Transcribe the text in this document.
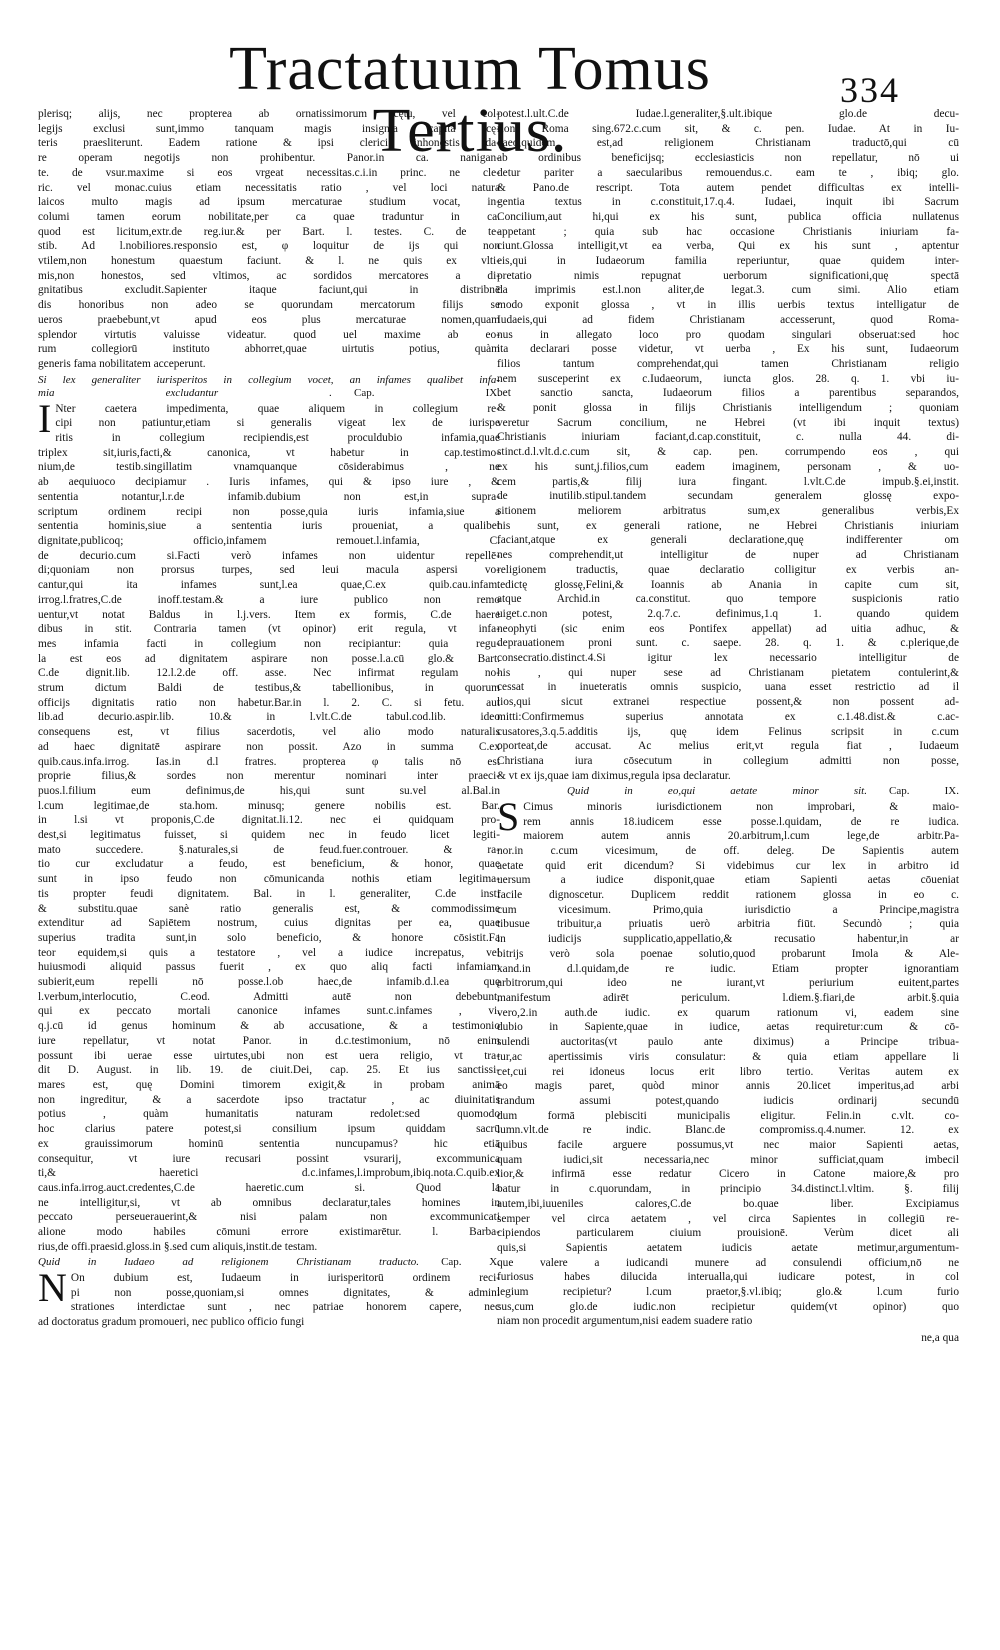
Tractatuum Tomus Tertius.
334
plerisq; alijs, nec propterea ab ornatissimorum cętu, vel col-
legijs exclusi sunt,immo tanquam magis insignia capita cę-
teris praesliterunt. Eadem ratione & ipsi clerici inhonestis da-
re operam negotijs non prohibentur. Panor.in ca. nanigan-
te. de vsur.maxime si eos vrgeat necessitas.c.i.in princ. ne cle-
ric. vel monac.cuius etiam necessitatis ratio , vel loci natura
laicos multo magis ad ipsum mercaturae studium vocat, in-
columi tamen eorum nobilitate,per ca quae traduntur in ca.
quod est licitum,extr.de reg.iur.& per Bart. l. testes. C. de te-
stib. Ad l.nobiliores.responsio est, φ loquitur de ijs qui non
vtilem,non honestum quaestum faciunt. & l. ne quis ex vlti-
mis,non honestos, sed vltimos, ac sordidos mercatores a di-
gnitatibus excludit.Sapienter itaque faciunt,qui in distribnē
dis honoribus non adeo se quorundam mercatorum filijs se
ueros praebebunt,vt apud eos plus mercaturae nomen,quam
splendor virtutis valuisse videatur. quod uel maxime ab eo-
rum collegiorū instituto abhorret,quae uirtutis potius, quàm
generis fama nobilitatem acceperunt.
Si lex generaliter iurisperitos in collegium vocet, an infames qualibet infa-
mia excludantur . Cap. IX.
I Nter caetera impedimenta, quae aliquem in collegium re-
cipi non patiuntur,etiam si generalis vigeat lex de iurispe
ritis in collegium recipiendis,est proculdubio infamia,quae
triplex sit,iuris,facti,& canonica, vt habetur in cap.testimo-
nium,de testib.singillatim vnamquanque cōsiderabimus , ne
ab aequiuoco decipiamur . Iuris infames, qui & ipso iure , &
sententia notantur,l.r.de infamib.dubium non est,in supra-
scriptum ordinem recipi non posse,quia iuris infamia,siue a
sententia hominis,siue a sententia iuris proueniat, a qualibet
dignitate,publicoq; officio,infamem remouet.l.infamia, C.
de decurio.cum si.Facti verò infames non uidentur repellē-
di;quoniam non prorsus turpes, sed leui macula aspersi vo-
cantur,qui ita infames sunt,l.ea quae,C.ex quib.cau.infam.
irrog.l.fratres,C.de inoff.testam.& a iure publico non remo
uentur,vt notat Baldus in l.j.vers. Item ex formis, C.de haere
dibus in stit. Contraria tamen (vt opinor) erit regula, vt infa-
mes infamia facti in collegium non recipiantur: quia regu-
la est eos ad dignitatem aspirare non posse.l.a.cū glo.& Bart.
C.de dignit.lib. 12.l.2.de off. asse. Nec infirmat regulam no-
strum dictum Baldi de testibus,& tabellionibus, in quorum
officijs dignitatis ratio non habetur.Bar.in l. 2. C. si fetu. aut
lib.ad decurio.aspir.lib. 10.& in l.vlt.C.de tabul.cod.lib. ideo
consequens est, vt filius sacerdotis, vel alio modo naturalis
ad haec dignitatē aspirare non possit. Azo in summa C.ex
quib.caus.infa.irrog. Ias.in d.l fratres. propterea φ talis nō est
proprie filius,& sordes non merentur nominari inter praeci-
puos.l.filium eum definimus,de his,qui sunt su.vel al.Bal.in
l.cum legitimae,de sta.hom. minusq; genere nobilis est. Bar.
in l.si vt proponis,C.de dignitat.li.12. nec ei quidquam pro-
dest,si legitimatus fuisset, si quidem nec in feudo licet legiti-
mato succedere. §.naturales,si de feud.fuer.controuer. & ra-
tio cur excludatur a feudo, est beneficium, & honor, quae
sunt in ipso feudo non cōmunicanda nothis etiam legitima-
tis propter feudi dignitatem. Bal. in l. generaliter, C.de insti
& substitu.quae sanè ratio generalis est, & commodissime
extenditur ad Sapiētem nostrum, cuius dignitas per ea, quae
superius tradita sunt,in solo beneficio, & honore cōsistit.Fa
teor equidem,si quis a testatore , vel a iudice increpatus, vel
huiusmodi aliquid passus fuerit , ex quo aliq facti infamiam
subierit,eum repelli nō posse.l.ob haec,de infamib.d.l.ea quę
l.verbum,interlocutio, C.eod. Admitti autē non debebunt,
qui ex peccato mortali canonice infames sunt.c.infames , vi.
q.j.cū id genus hominum & ab accusatione, & a testimonio
iure repellatur, vt notat Panor. in d.c.testimonium, nō enim
possunt ibi uerae esse uirtutes,ubi non est uera religio, vt tra-
dit D. August. in lib. 19. de ciuit.Dei, cap. 25. Et ius sanctissi-
mares est, quę Domini timorem exigit,& in probam animā
non ingreditur, & a sacerdote ipso tractatur , ac diuinitatis
potius , quàm humanitatis naturam redolet:sed quomodo
hoc clarius patere potest,si consilium ipsum quiddam sacrū
ex grauissimorum hominū sententia nuncupamus? hic etiā
consequitur, vt iure recusari possint vsurarij, excommunica
ti,& haeretici d.c.infames,l.improbum,ibiq.nota.C.quib.ex
caus.infa.irrog.auct.credentes,C.de haeretic.cum si. Quod la
ne intelligitur,si, vt ab omnibus declaratur,tales homines in
peccato perseuerauerint,& nisi palam non excommunicati
alione modo habiles cōmuni errore existimarētur. l. Barba-
rius,de offi.praesid.gloss.in §.sed cum aliquis,instit.de testam.
Quid in Iudaeo ad religionem Christianam traducto. Cap. X.
N On dubium est, Iudaeum in iurisperitorū ordinem reci-
pi non posse,quoniam,si omnes dignitates, & admini
strationes interdictae sunt , nec patriae honorem capere, nec
ad doctoratus gradum promoueri, nec publico officio fungi
potest.l.ult.C.de Iudae.l.generaliter,§.ult.ibique glo.de decu-
rion. Roma sing.672.c.cum sit, & c. pen. Iudae. At in Iu-
daeo,quidem est,ad religionem Christianam traductō,qui cū
ab ordinibus beneficijsq; ecclesiasticis non repellatur, nō ui
detur pariter a saecularibus remouendus.c. eam te , ibiq; glo.
& Pano.de rescript. Tota autem pendet difficultas ex intelli-
gentia textus in c.constituit,17.q.4. Iudaei, inquit ibi Sacrum
Concilium,aut hi,qui ex his sunt, publica officia nullatenus
appetant ; quia sub hac occasione Christianis iniuriam fa-
ciunt.Glossa intelligit,vt ea verba, Qui ex his sunt , aptentur
eis,qui in Iudaeorum familia reperiuntur, quae quidem inter-
pretatio nimis repugnat uerborum significationi,quę spectā
da imprimis est.l.non aliter,de legat.3. cum simi. Alio etiam
modo exponit glossa , vt in illis uerbis textus intelligatur de
Iudaeis,qui ad fidem Christianam accesserunt, quod Roma-
nus in allegato loco pro quodam singulari obseruat:sed hoc
ita declarari posse videtur, vt uerba , Ex his sunt, Iudaeorum
filios tantum comprehendat,qui tamen Christianam religio
nem susceperint ex c.Iudaeorum, iuncta glos. 28. q. 1. vbi iu-
bet sanctio sancta, Iudaeorum filios a parentibus separandos,
& ponit glossa in filijs Christianis intelligendum ; quoniam
veretur Sacrum concilium, ne Hebrei (vt ibi inquit textus)
Christianis iniuriam faciant,d.cap.constituit, c. nulla 44. di-
stinct.d.l.vlt.d.c.cum sit, & cap. pen. corrumpendo eos , qui
ex his sunt,j.filios,cum eadem imaginem, personam , & uo-
cem partis,& filij iura fingant. l.vlt.C.de impub.§.ei,instit.
de inutilib.stipul.tandem secundam generalem glossę expo-
sitionem meliorem arbitratus sum,ex generalibus verbis,Ex
his sunt, ex generali ratione, ne Hebrei Christianis iniuriam
faciant,atque ex generali declaratione,quę indifferenter om
nes comprehendit,ut intelligitur de nuper ad Christianam
religionem traductis, quae declaratio colligitur ex verbis an-
tedictę glossę,Felini,& Ioannis ab Anania in capite cum sit,
atque Archid.in ca.constitut. quo tempore suspicionis ratio
uiget.c.non potest, 2.q.7.c. definimus,1.q 1. quando quidem
neophyti (sic enim eos Pontifex appellat) ad uitia adhuc, &
deprauationem proni sunt. c. saepe. 28. q. 1. & c.plerique,de
consecratio.distinct.4.Si igitur lex necessario intelligitur de
his , qui nuper sese ad Christianam pietatem contulerint,&
cessat in inueteratis omnis suspicio, uana esset restrictio ad il
lios,qui sicut extranei respectiue possent,& non possent ad-
mitti:Confirmemus superius annotata ex c.1.48.dist.& c.ac-
cusatores,3.q.5.additis ijs, quę idem Felinus scripsit in c.cum
oporteat,de accusat. Ac melius erit,vt regula fiat , Iudaeum
Christiana iura cōsecutum in collegium admitti non posse,
& vt ex ijs,quae iam diximus,regula ipsa declaratur.
Quid in eo,qui aetate minor sit. Cap. IX.
S Cimus minoris iurisdictionem non improbari, & maio-
rem annis 18.iudicem esse posse.l.quidam, de re iudica.
maiorem autem annis 20.arbitrum,l.cum lege,de arbitr.Pa-
nor.in c.cum vicesimum, de off. deleg. De Sapientis autem
aetate quid erit dicendum? Si videbimus cur lex in arbitro id
uersum a iudice disponit,quae etiam Sapienti aetas cōueniat
facile dignoscetur. Duplicem reddit rationem glossa in eo c.
cum vicesimum. Primo,quia iurisdictio a Principe,magistra
tibusue tribuitur,a priuatis uerò arbitria fiūt. Secundò ; quia
in iudicijs supplicatio,appellatio,& recusatio habentur,in ar
bitrijs verò sola poenae solutio,quod probarunt Imola & Ale-
xand.in d.l.quidam,de re iudic. Etiam propter ignorantiam
arbitrorum,qui ideo ne iurant,vt periurium euitent,partes
manifestum adirēt periculum. l.diem.§.fiari,de arbit.§.quia
vero,2.in auth.de iudic. ex quarum rationum vi, eadem sine
dubio in Sapiente,quae in iudice, aetas requiretur:cum & cō-
sulendi auctoritas(vt paulo ante diximus) a Principe tribua-
tur,ac apertissimis viris consulatur: & quia etiam appellare li
cet,cui rei idoneus locus erit libro tertio. Veritas autem ex
eo magis paret, quòd minor annis 20.licet imperitus,ad arbi
trandum assumi potest,quando iudicis ordinarij secundū
dum formā plebisciti municipalis eligitur. Felin.in c.vlt. co-
lumn.vlt.de re indic. Blanc.de compromiss.q.4.numer. 12. ex
quibus facile arguere possumus,vt nec maior Sapienti aetas,
quam iudici,sit necessaria,nec minor sufficiat,quam imbecil
lior,& infirmā esse redatur Cicero in Catone maiore,& pro
batur in c.quorundam, in principio 34.distinct.l.vltim. §. filij
autem,ibi,iuueniles calores,C.de bo.quae liber. Excipiamus
semper vel circa aetatem , vel circa Sapientes in collegiū re-
cipiendos particularem ciuium prouisionē. Verùm dicet ali
quis,si Sapientis aetatem iudicis aetate metimur,argumentum-
que valere a iudicandi munere ad consulendi officium,nō ne
furiosus habes dilucida interualla,qui iudicare potest, in col
legium recipietur? l.cum praetor,§.vl.ibiq; glo.& l.cum furio
sus,cum glo.de iudic.non recipietur quidem(vt opinor) quo
niam non procedit argumentum,nisi eadem suadere ratio
ne,a qua
